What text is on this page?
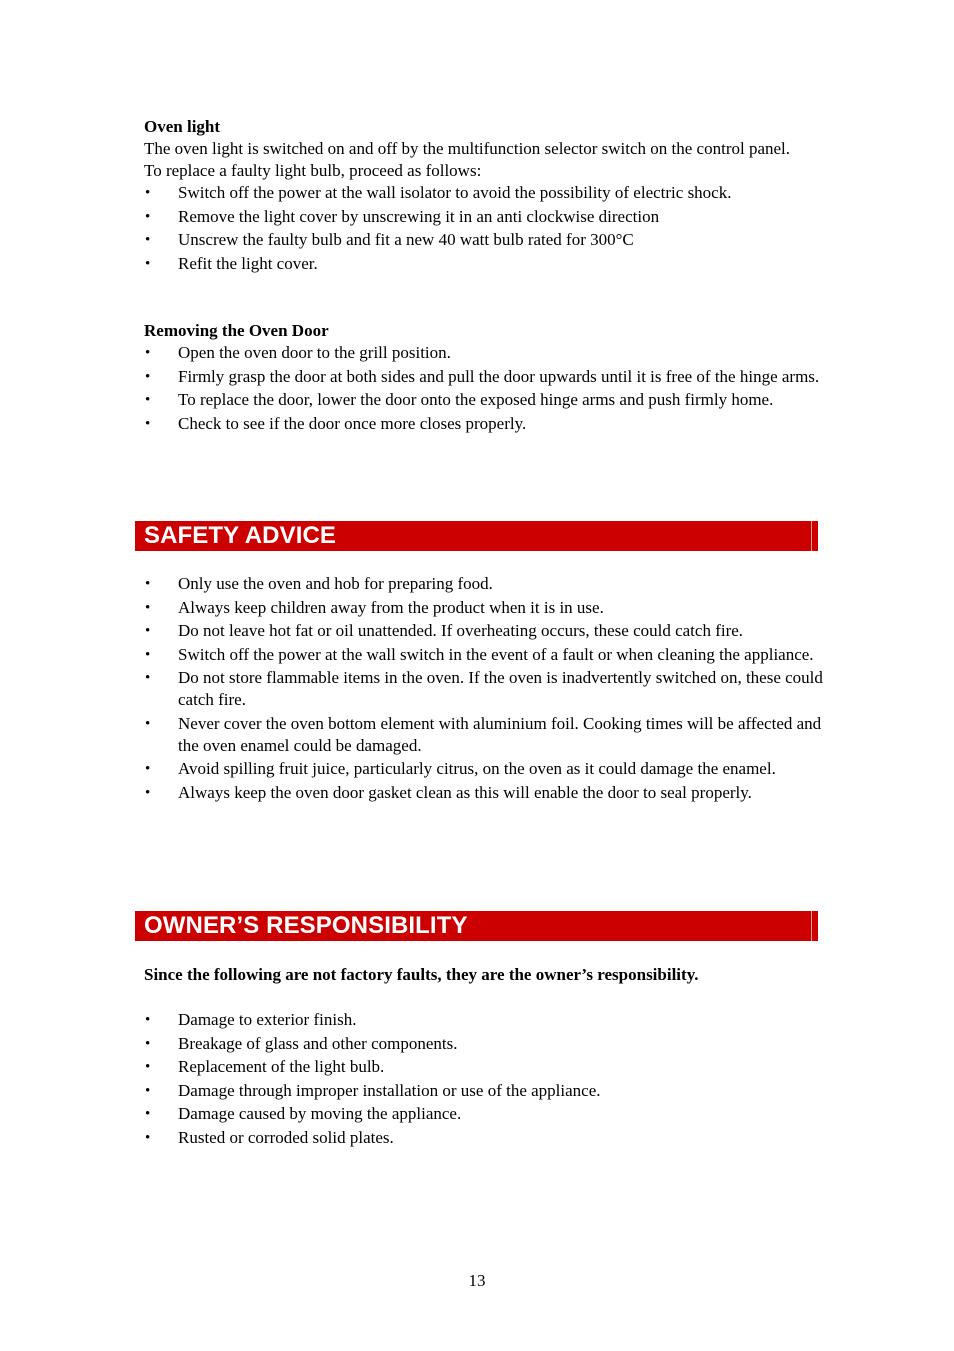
Oven light

The oven light is switched on and off by the multifunction selector switch on the control panel.

To replace a faulty light bulb, proceed as follows:

• Switch off the power at the wall isolator to avoid the possibility of electric shock.
• Remove the light cover by unscrewing it in an anti clockwise direction
• Unscrew the faulty bulb and fit a new 40 watt bulb rated for 300°C
• Refit the light cover.

Removing the Oven Door

• Open the oven door to the grill position.
• Firmly grasp the door at both sides and pull the door upwards until it is free of the hinge arms.
• To replace the door, lower the door onto the exposed hinge arms and push firmly home.
• Check to see if the door once more closes properly.
SAFETY ADVICE
• Only use the oven and hob for preparing food.
• Always keep children away from the product when it is in use.
• Do not leave hot fat or oil unattended. If overheating occurs, these could catch fire.
• Switch off the power at the wall switch in the event of a fault or when cleaning the appliance.
• Do not store flammable items in the oven. If the oven is inadvertently switched on, these could catch fire.
• Never cover the oven bottom element with aluminium foil. Cooking times will be affected and the oven enamel could be damaged.
• Avoid spilling fruit juice, particularly citrus, on the oven as it could damage the enamel.
• Always keep the oven door gasket clean as this will enable the door to seal properly.
OWNER’S RESPONSIBILITY

Since the following are not factory faults, they are the owner’s responsibility.

• Damage to exterior finish.
• Breakage of glass and other components.
• Replacement of the light bulb.
• Damage through improper installation or use of the appliance.
• Damage caused by moving the appliance.
• Rusted or corroded solid plates.
13
